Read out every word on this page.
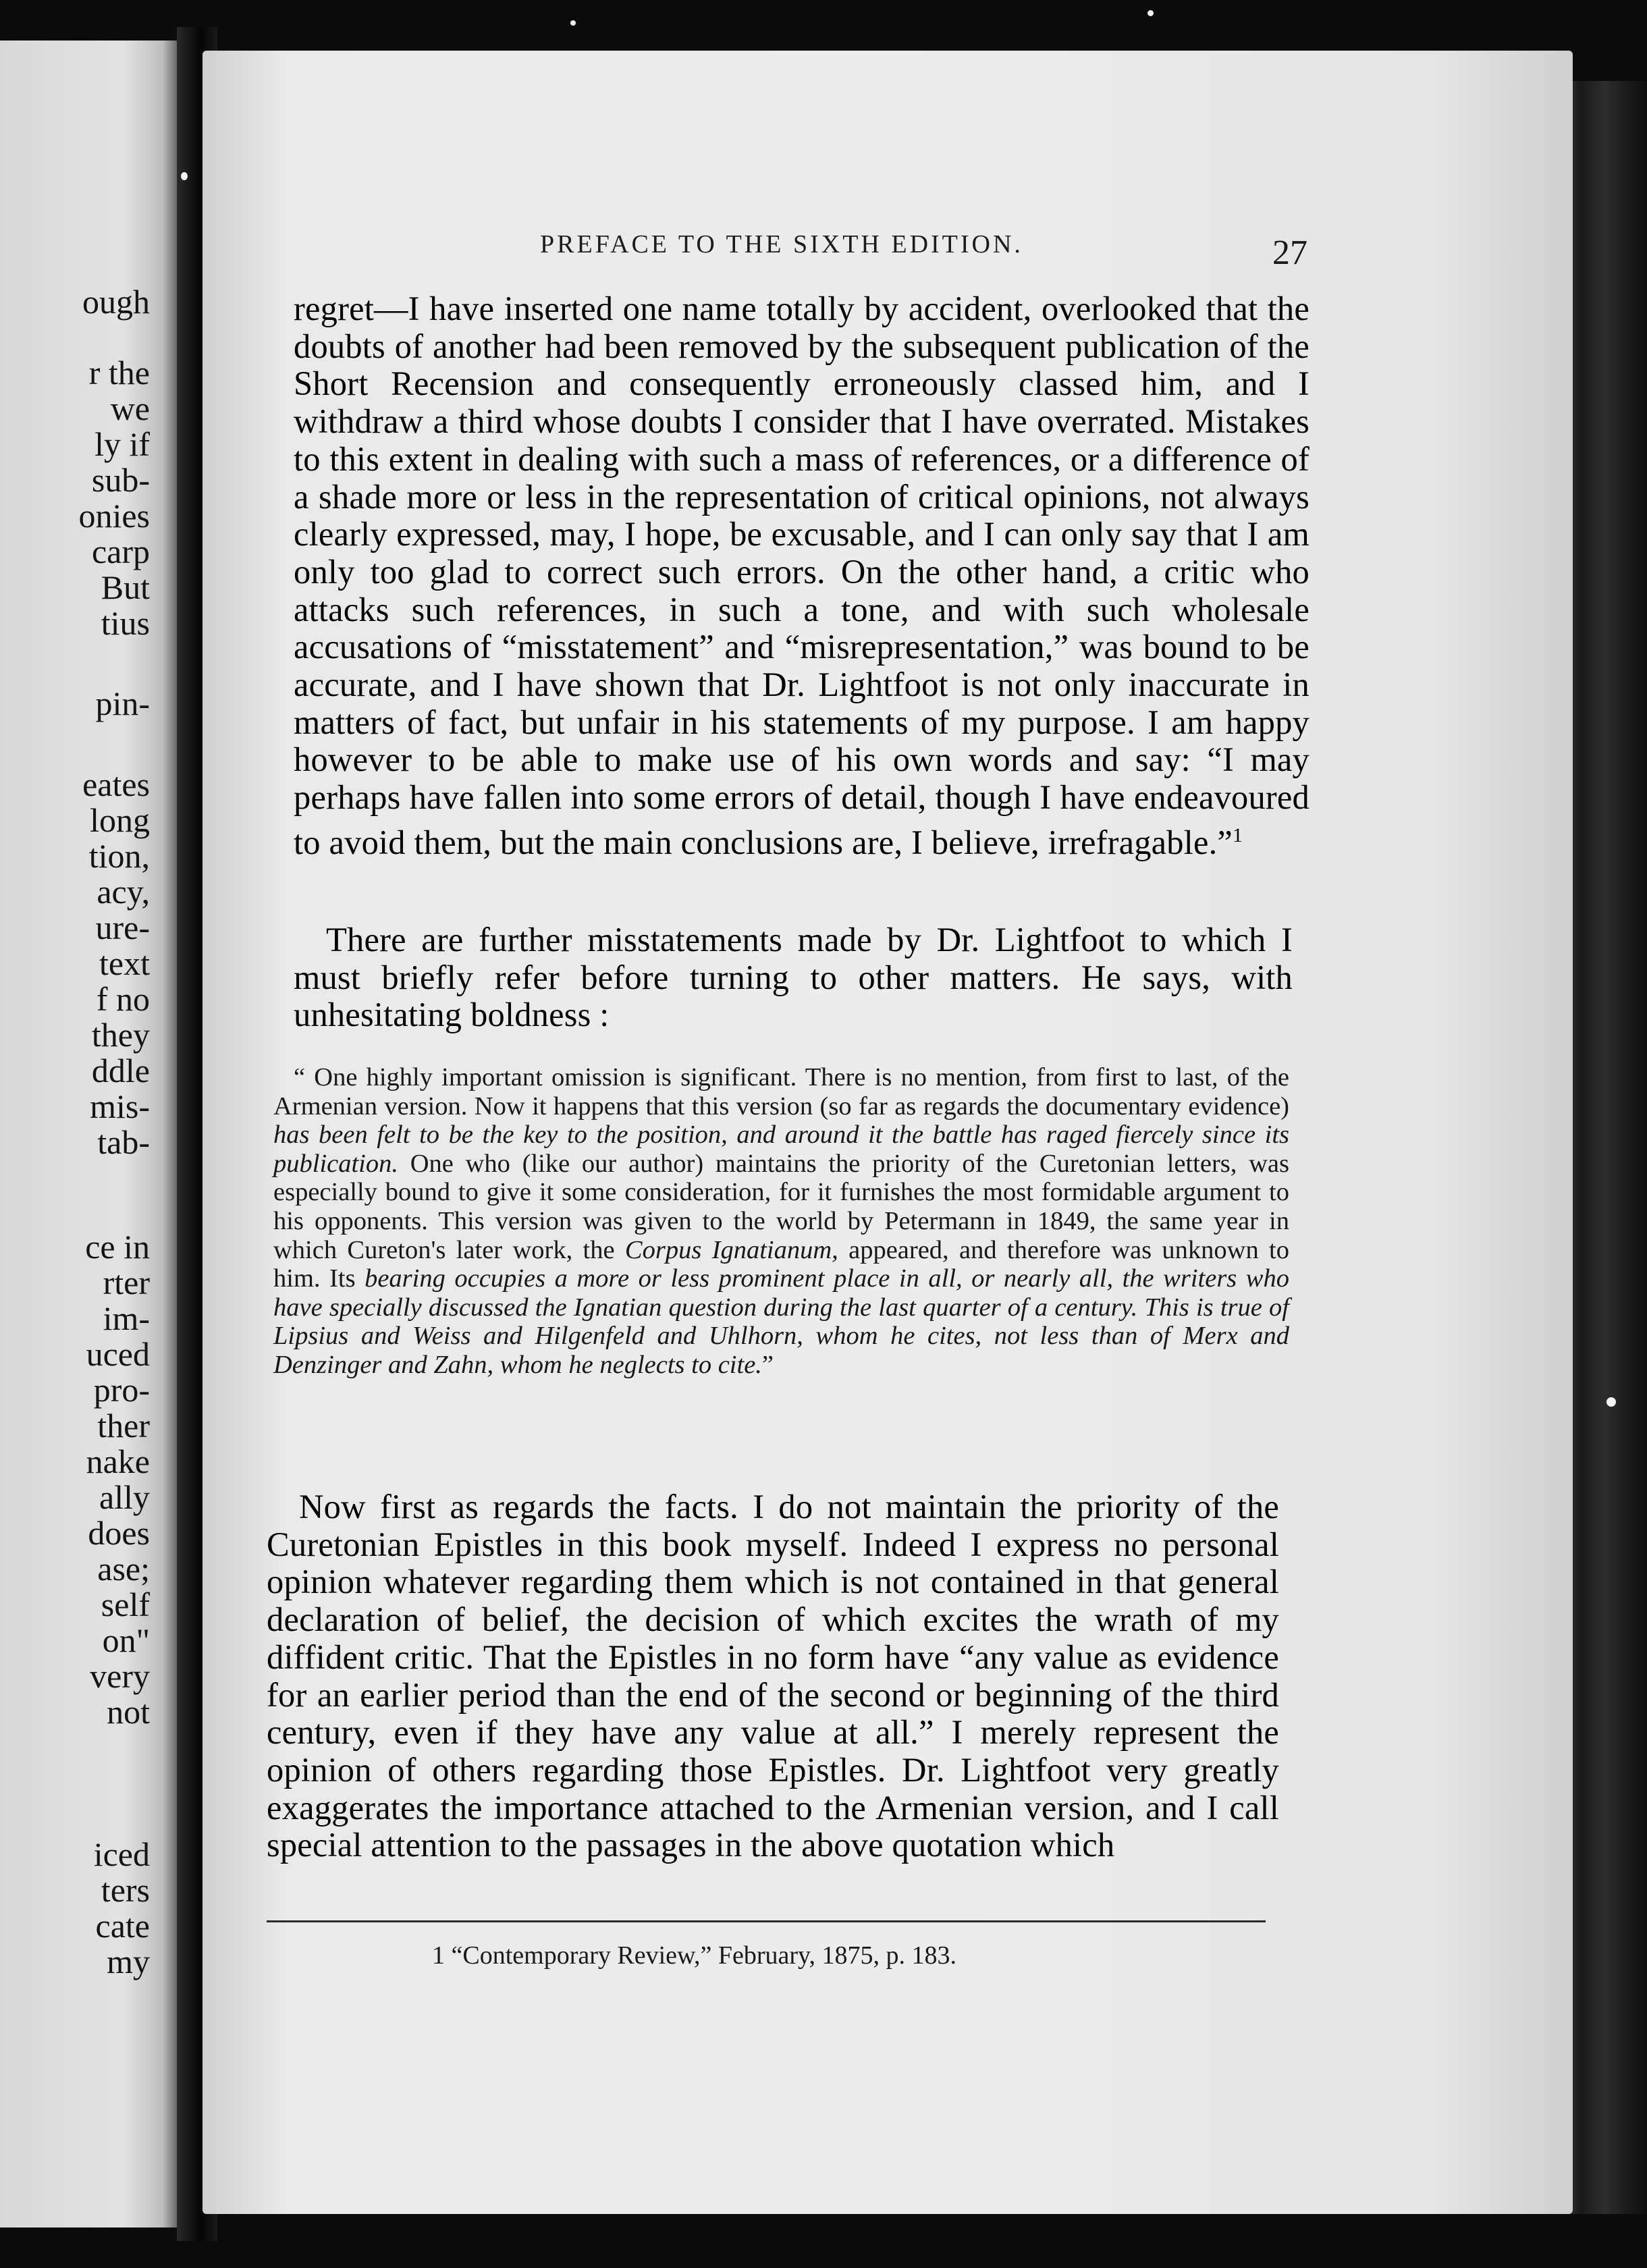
ough
r the
we
ly if
sub-
onies
carp
But
tius
pin-
eates
long
tion,
acy,
ure-
text
f no
they
ddle
mis-
tab-
ce in
rter
im-
uced
pro-
ther
nake
ally
does
ase;
self
on"
very
not
iced
ters
cate
my
PREFACE TO THE SIXTH EDITION.	27

regret—I have inserted one name totally by accident, overlooked that the doubts of another had been removed by the subsequent publication of the Short Recension and consequently erroneously classed him, and I withdraw a third whose doubts I consider that I have overrated. Mistakes to this extent in dealing with such a mass of references, or a difference of a shade more or less in the representation of critical opinions, not always clearly expressed, may, I hope, be excusable, and I can only say that I am only too glad to correct such errors. On the other hand, a critic who attacks such references, in such a tone, and with such wholesale accusations of “misstatement” and “misrepresentation,” was bound to be accurate, and I have shown that Dr. Lightfoot is not only inaccurate in matters of fact, but unfair in his statements of my purpose. I am happy however to be able to make use of his own words and say: “I may perhaps have fallen into some errors of detail, though I have endeavoured to avoid them, but the main conclusions are, I believe, irrefragable.”$^1$

There are further misstatements made by Dr. Lightfoot to which I must briefly refer before turning to other matters. He says, with unhesitating boldness :

“ One highly important omission is significant. There is no mention, from first to last, of the Armenian version. Now it happens that this version (so far as regards the documentary evidence) has been felt to be the key to the position, and around it the battle has raged fiercely since its publication. One who (like our author) maintains the priority of the Curetonian letters, was especially bound to give it some consideration, for it furnishes the most formidable argument to his opponents. This version was given to the world by Petermann in 1849, the same year in which Cureton's later work, the Corpus Ignatianum, appeared, and therefore was unknown to him. Its bearing occupies a more or less prominent place in all, or nearly all, the writers who have specially discussed the Ignatian question during the last quarter of a century. This is true of Lipsius and Weiss and Hilgenfeld and Uhlhorn, whom he cites, not less than of Merx and Denzinger and Zahn, whom he neglects to cite.”

Now first as regards the facts. I do not maintain the priority of the Curetonian Epistles in this book myself. Indeed I express no personal opinion whatever regarding them which is not contained in that general declaration of belief, the decision of which excites the wrath of my diffident critic. That the Epistles in no form have “any value as evidence for an earlier period than the end of the second or beginning of the third century, even if they have any value at all.” I merely represent the opinion of others regarding those Epistles. Dr. Lightfoot very greatly exaggerates the importance attached to the Armenian version, and I call special attention to the passages in the above quotation which

1 “Contemporary Review,” February, 1875, p. 183.
